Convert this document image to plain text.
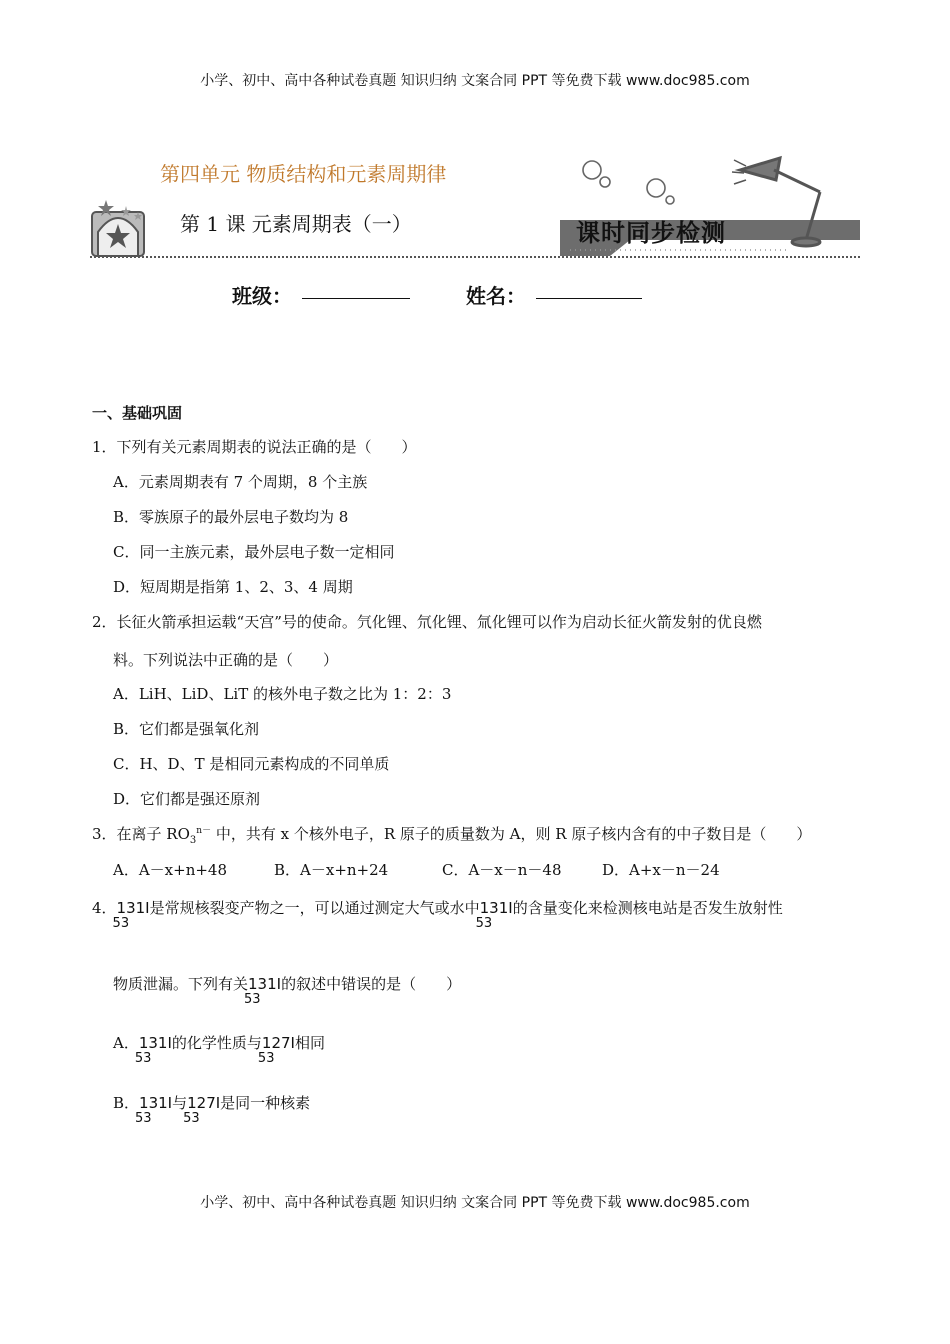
小学、初中、高中各种试卷真题 知识归纳 文案合同 PPT 等免费下载 www.doc985.com
第四单元 物质结构和元素周期律
第 1 课 元素周期表（一）	课时同步检测
班级：	姓名：
一、基础巩固
1．下列有关元素周期表的说法正确的是（　　）
A．元素周期表有 7 个周期，8 个主族
B．零族原子的最外层电子数均为 8
C．同一主族元素，最外层电子数一定相同
D．短周期是指第 1、2、3、4 周期
2．长征火箭承担运载“天宫”号的使命。氕化锂、氘化锂、氚化锂可以作为启动长征火箭发射的优良燃
料。下列说法中正确的是（　　）
A．LiH、LiD、LiT 的核外电子数之比为 1：2：3
B．它们都是强氧化剂
C．H、D、T 是相同元素构成的不同单质
D．它们都是强还原剂
3．在离子 $RO_3^{n-}$ 中，共有 x 个核外电子，R 原子的质量数为 A，则 R 原子核内含有的中子数目是（　　）
A．A－x+n+48	B．A－x+n+24	C．A－x－n－48	D．A+x－n－24
4．131I
53
是常规核裂变产物之一，可以通过测定大气或水中131I
53
的含量变化来检测核电站是否发生放射性
物质泄漏。下列有关131I
53
的叙述中错误的是（　　）
A．131I
53
的化学性质与127I
53
相同
B．131I
53
与127I
53
是同一种核素
小学、初中、高中各种试卷真题 知识归纳 文案合同 PPT 等免费下载 www.doc985.com
